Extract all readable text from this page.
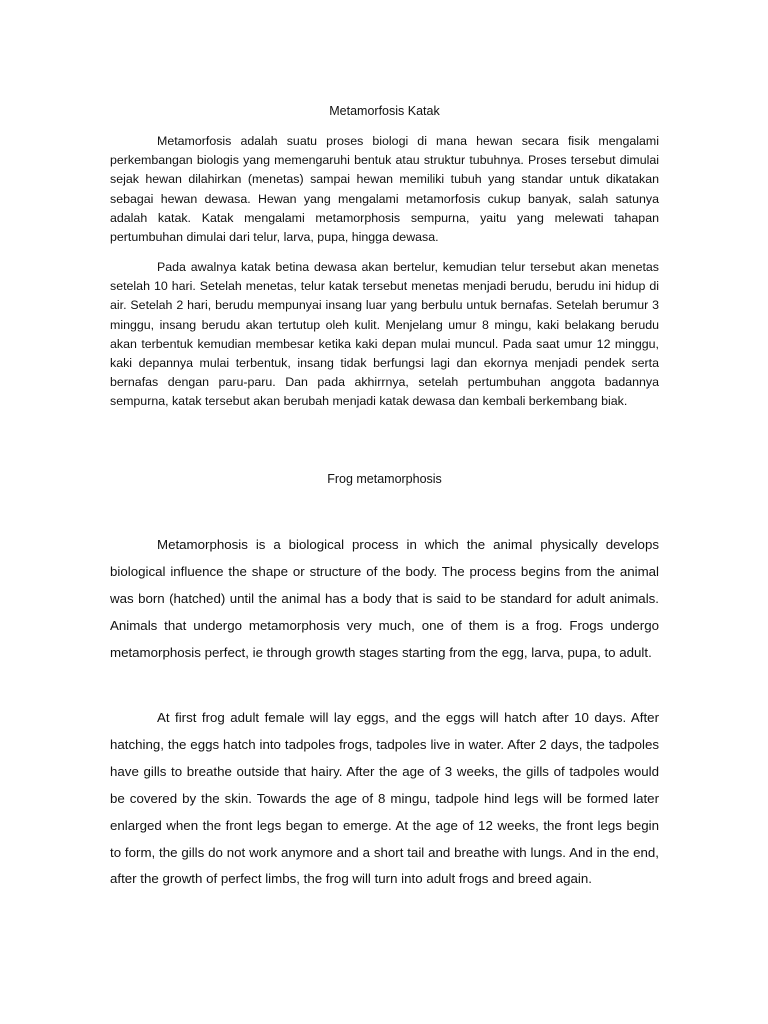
Metamorfosis Katak

Metamorfosis adalah suatu proses biologi di mana hewan secara fisik mengalami perkembangan biologis yang memengaruhi bentuk atau struktur tubuhnya. Proses tersebut dimulai sejak hewan dilahirkan (menetas) sampai hewan memiliki tubuh yang standar untuk dikatakan sebagai hewan dewasa. Hewan yang mengalami metamorfosis cukup banyak, salah satunya adalah katak. Katak mengalami metamorphosis sempurna, yaitu yang melewati tahapan pertumbuhan dimulai dari telur, larva, pupa, hingga dewasa.

Pada awalnya katak betina dewasa akan bertelur, kemudian telur tersebut akan menetas setelah 10 hari. Setelah menetas, telur katak tersebut menetas menjadi berudu, berudu ini hidup di air. Setelah 2 hari, berudu mempunyai insang luar yang berbulu untuk bernafas. Setelah berumur 3 minggu, insang berudu akan tertutup oleh kulit. Menjelang umur 8 mingu, kaki belakang berudu akan terbentuk kemudian membesar ketika kaki depan mulai muncul. Pada saat umur 12 minggu, kaki depannya mulai terbentuk, insang tidak berfungsi lagi dan ekornya menjadi pendek serta bernafas dengan paru-paru. Dan pada akhirrnya, setelah pertumbuhan anggota badannya sempurna, katak tersebut akan berubah menjadi katak dewasa dan kembali berkembang biak.

Frog metamorphosis

Metamorphosis is a biological process in which the animal physically develops biological influence the shape or structure of the body. The process begins from the animal was born (hatched) until the animal has a body that is said to be standard for adult animals. Animals that undergo metamorphosis very much, one of them is a frog. Frogs undergo metamorphosis perfect, ie through growth stages starting from the egg, larva, pupa, to adult.

At first frog adult female will lay eggs, and the eggs will hatch after 10 days. After hatching, the eggs hatch into tadpoles frogs, tadpoles live in water. After 2 days, the tadpoles have gills to breathe outside that hairy. After the age of 3 weeks, the gills of tadpoles would be covered by the skin. Towards the age of 8 mingu, tadpole hind legs will be formed later enlarged when the front legs began to emerge. At the age of 12 weeks, the front legs begin to form, the gills do not work anymore and a short tail and breathe with lungs. And in the end, after the growth of perfect limbs, the frog will turn into adult frogs and breed again.
